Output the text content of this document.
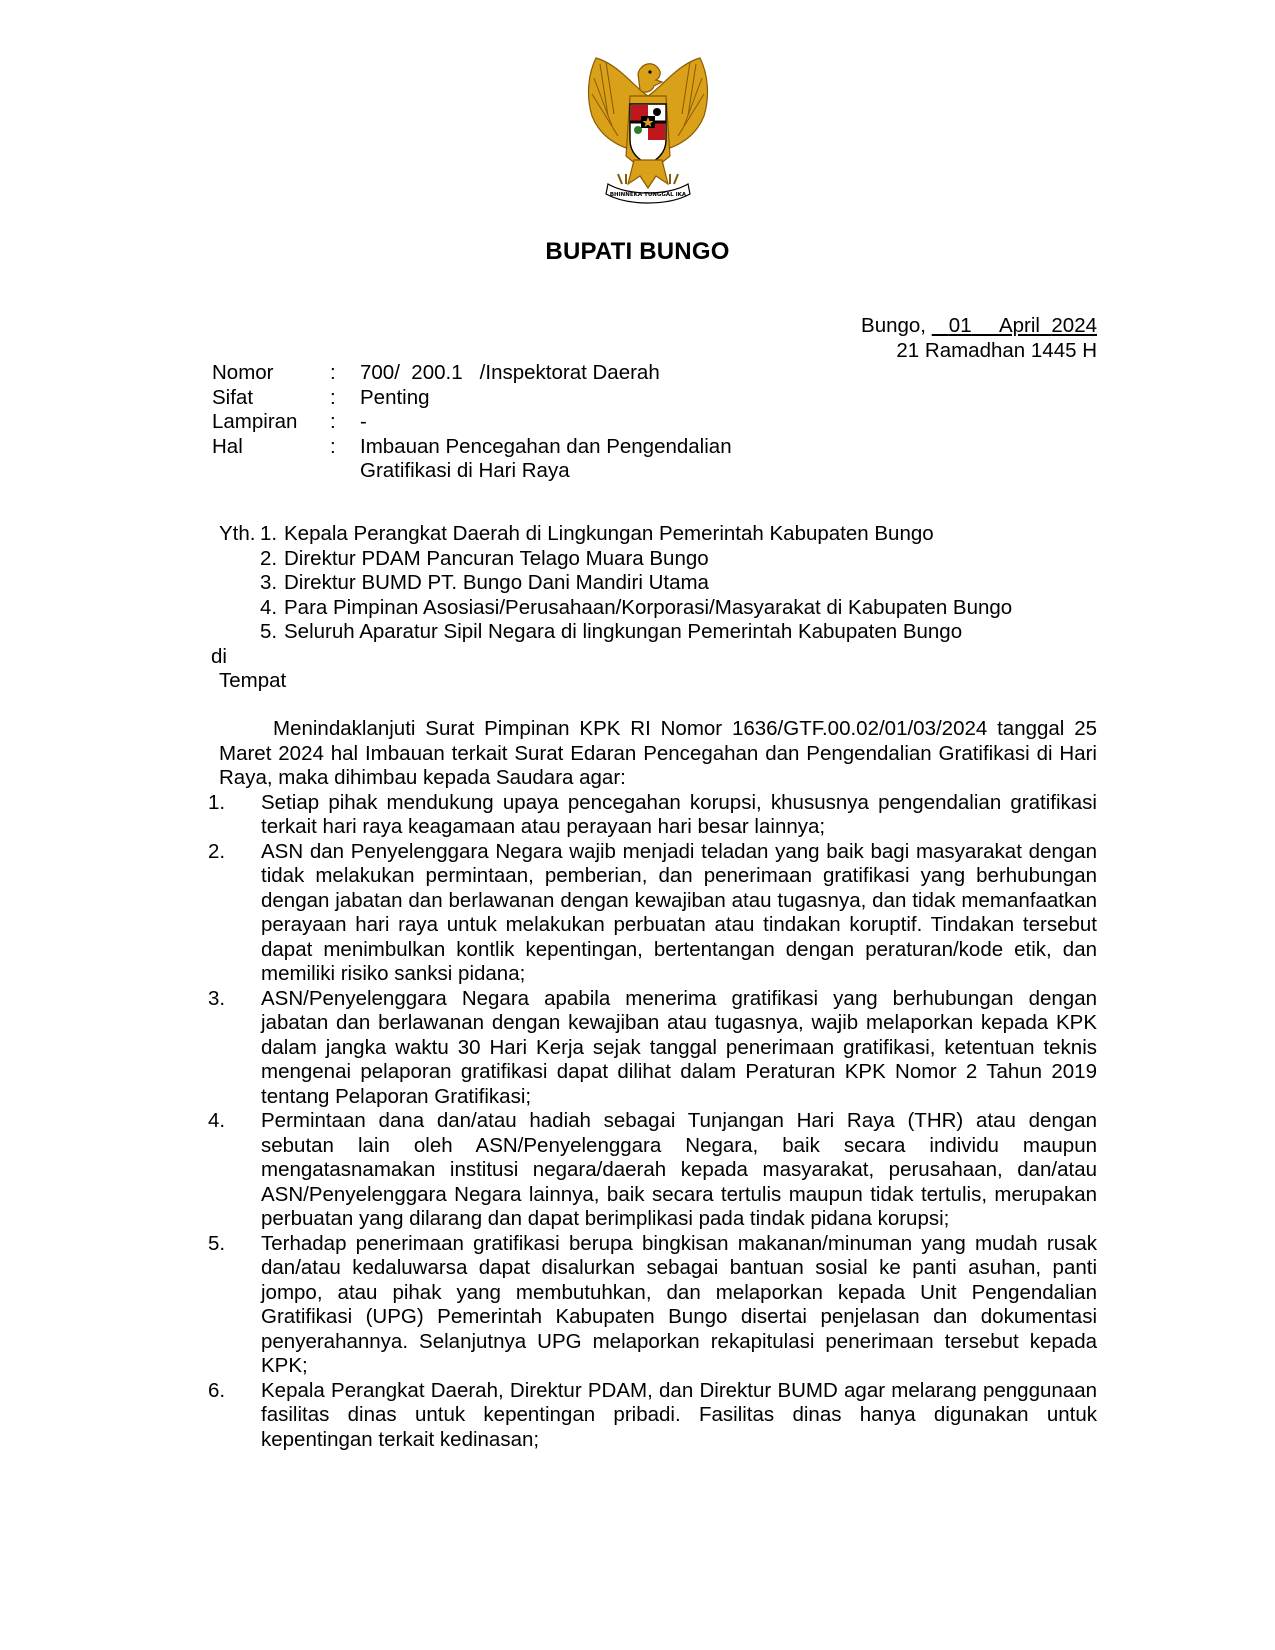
BHINNEKA TUNGGAL IKA
BUPATI BUNGO
Bungo, 01 April 2024
21 Ramadhan 1445 H
Nomor	: 700/  200.1   /Inspektorat Daerah
Sifat	: Penting
Lampiran : -
Hal	: Imbauan Pencegahan dan Pengendalian
Gratifikasi di Hari Raya
Yth. 1. Kepala Perangkat Daerah di Lingkungan Pemerintah Kabupaten Bungo
2. Direktur PDAM Pancuran Telago Muara Bungo
3. Direktur BUMD PT. Bungo Dani Mandiri Utama
4. Para Pimpinan Asosiasi/Perusahaan/Korporasi/Masyarakat di Kabupaten Bungo
5. Seluruh Aparatur Sipil Negara di lingkungan Pemerintah Kabupaten Bungo
di
Tempat

Menindaklanjuti Surat Pimpinan KPK RI Nomor 1636/GTF.00.02/01/03/2024 tanggal 25 Maret 2024 hal Imbauan terkait Surat Edaran Pencegahan dan Pengendalian Gratifikasi di Hari Raya, maka dihimbau kepada Saudara agar:

1. Setiap pihak mendukung upaya pencegahan korupsi, khususnya pengendalian gratifikasi terkait hari raya keagamaan atau perayaan hari besar lainnya;

2. ASN dan Penyelenggara Negara wajib menjadi teladan yang baik bagi masyarakat dengan tidak melakukan permintaan, pemberian, dan penerimaan gratifikasi yang berhubungan dengan jabatan dan berlawanan dengan kewajiban atau tugasnya, dan tidak memanfaatkan perayaan hari raya untuk melakukan perbuatan atau tindakan koruptif. Tindakan tersebut dapat menimbulkan kontlik kepentingan, bertentangan dengan peraturan/kode etik, dan memiliki risiko sanksi pidana;

3. ASN/Penyelenggara Negara apabila menerima gratifikasi yang berhubungan dengan jabatan dan berlawanan dengan kewajiban atau tugasnya, wajib melaporkan kepada KPK dalam jangka waktu 30 Hari Kerja sejak tanggal penerimaan gratifikasi, ketentuan teknis mengenai pelaporan gratifikasi dapat dilihat dalam Peraturan KPK Nomor 2 Tahun 2019 tentang Pelaporan Gratifikasi;

4. Permintaan dana dan/atau hadiah sebagai Tunjangan Hari Raya (THR) atau dengan sebutan lain oleh ASN/Penyelenggara Negara, baik secara individu maupun mengatasnamakan institusi negara/daerah kepada masyarakat, perusahaan, dan/atau ASN/Penyelenggara Negara lainnya, baik secara tertulis maupun tidak tertulis, merupakan perbuatan yang dilarang dan dapat berimplikasi pada tindak pidana korupsi;

5. Terhadap penerimaan gratifikasi berupa bingkisan makanan/minuman yang mudah rusak dan/atau kedaluwarsa dapat disalurkan sebagai bantuan sosial ke panti asuhan, panti jompo, atau pihak yang membutuhkan, dan melaporkan kepada Unit Pengendalian Gratifikasi (UPG) Pemerintah Kabupaten Bungo disertai penjelasan dan dokumentasi penyerahannya. Selanjutnya UPG melaporkan rekapitulasi penerimaan tersebut kepada KPK;

6. Kepala Perangkat Daerah, Direktur PDAM, dan Direktur BUMD agar melarang penggunaan fasilitas dinas untuk kepentingan pribadi. Fasilitas dinas hanya digunakan untuk kepentingan terkait kedinasan;
